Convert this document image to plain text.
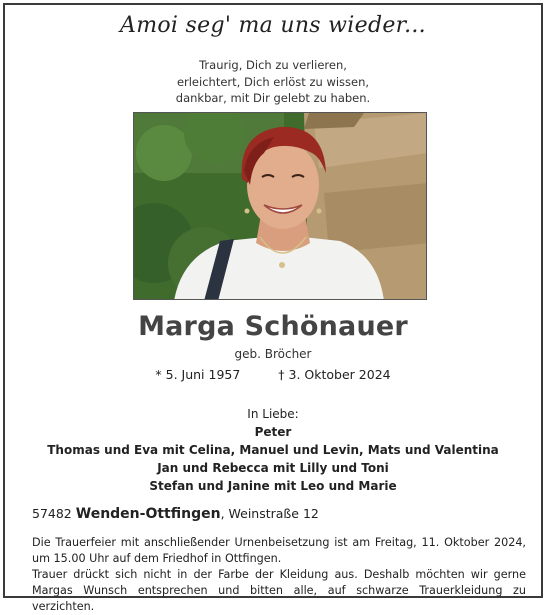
Amoi seg' ma uns wieder...
Traurig, Dich zu verlieren,
erleichtert, Dich erlöst zu wissen,
dankbar, mit Dir gelebt zu haben.
Marga Schönauer
geb. Bröcher
* 5. Juni 1957	† 3. Oktober 2024
In Liebe:
Peter
Thomas und Eva mit Celina, Manuel und Levin, Mats und Valentina
Jan und Rebecca mit Lilly und Toni
Stefan und Janine mit Leo und Marie
57482 Wenden-Ottfingen, Weinstraße 12

Die Trauerfeier mit anschließender Urnenbeisetzung ist am Freitag, 11. Oktober 2024, um 15.00 Uhr auf dem Friedhof in Ottfingen.

Trauer drückt sich nicht in der Farbe der Kleidung aus. Deshalb möchten wir gerne Margas Wunsch entsprechen und bitten alle, auf schwarze Trauerkleidung zu verzichten.
